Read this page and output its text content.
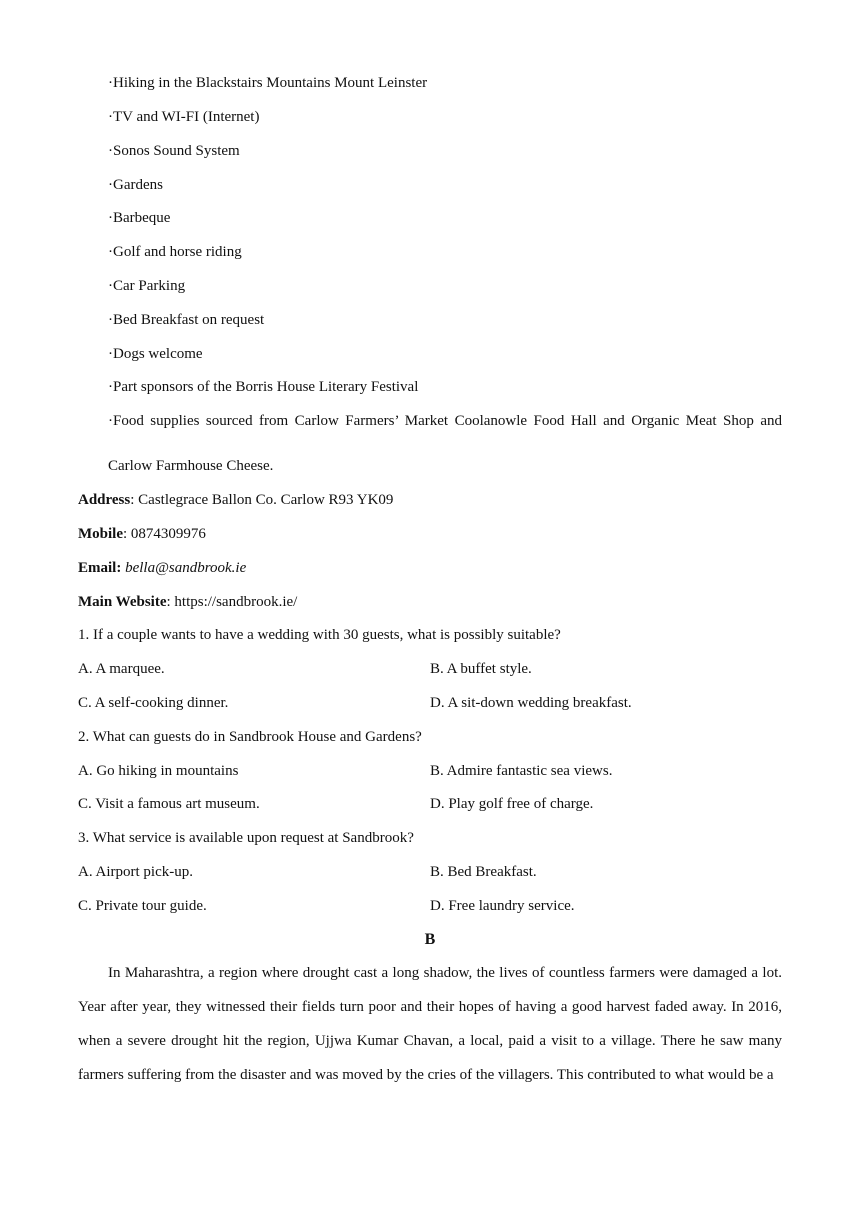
·Hiking in the Blackstairs Mountains Mount Leinster
·TV and WI-FI (Internet)
·Sonos Sound System
·Gardens
·Barbeque
·Golf and horse riding
·Car Parking
·Bed Breakfast on request
·Dogs welcome
·Part sponsors of the Borris House Literary Festival
·Food supplies sourced from Carlow Farmers’ Market Coolanowle Food Hall and Organic Meat Shop and
Carlow Farmhouse Cheese.
Address: Castlegrace Ballon Co. Carlow R93 YK09
Mobile: 0874309976
Email: bella@sandbrook.ie
Main Website: https://sandbrook.ie/
1. If a couple wants to have a wedding with 30 guests, what is possibly suitable?
A. A marquee.	B. A buffet style.
C. A self-cooking dinner.	D. A sit-down wedding breakfast.
2. What can guests do in Sandbrook House and Gardens?
A. Go hiking in mountains	B. Admire fantastic sea views.
C. Visit a famous art museum.	D. Play golf free of charge.
3. What service is available upon request at Sandbrook?
A. Airport pick-up.	B. Bed Breakfast.
C. Private tour guide.	D. Free laundry service.
B
In Maharashtra, a region where drought cast a long shadow, the lives of countless farmers were damaged a lot. Year after year, they witnessed their fields turn poor and their hopes of having a good harvest faded away. In 2016, when a severe drought hit the region, Ujjwa Kumar Chavan, a local, paid a visit to a village. There he saw many farmers suffering from the disaster and was moved by the cries of the villagers. This contributed to what would be a
